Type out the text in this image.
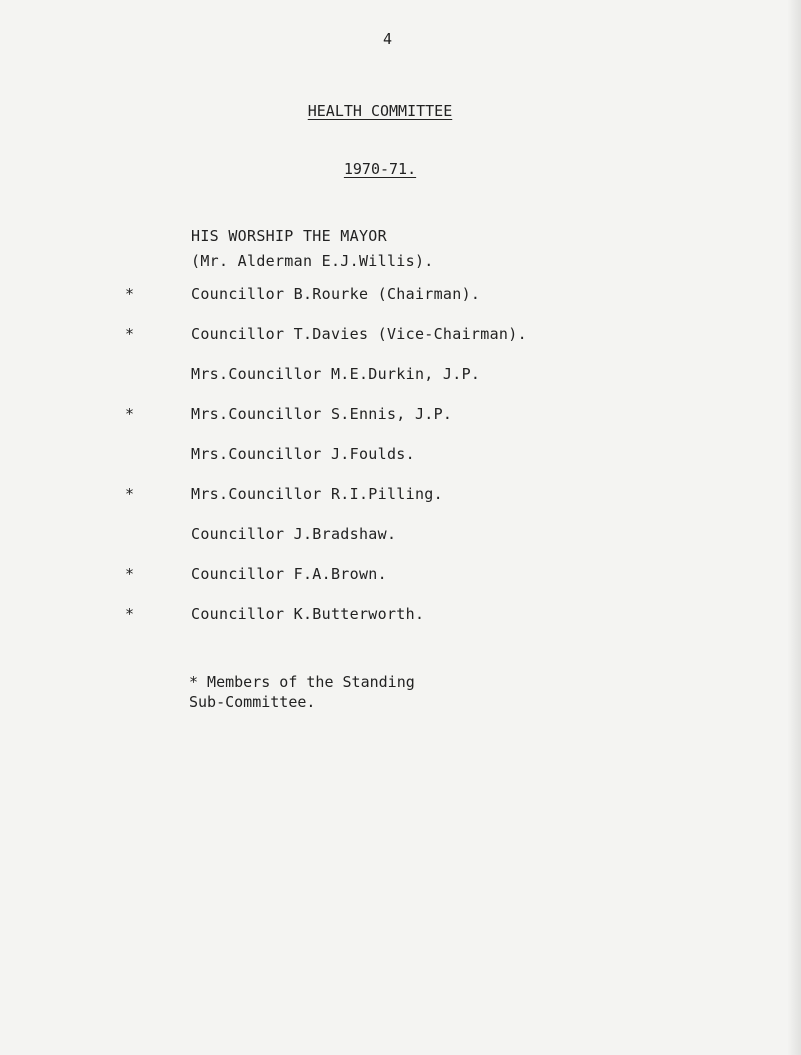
4
HEALTH COMMITTEE
1970-71.
HIS WORSHIP THE MAYOR
(Mr. Alderman E.J.Willis).
*	Councillor B.Rourke (Chairman).
*	Councillor T.Davies (Vice-Chairman).
Mrs.Councillor M.E.Durkin, J.P.
*	Mrs.Councillor S.Ennis, J.P.
Mrs.Councillor J.Foulds.
*	Mrs.Councillor R.I.Pilling.
Councillor J.Bradshaw.
*	Councillor F.A.Brown.
*	Councillor K.Butterworth.
* Members of the Standing
Sub-Committee.
